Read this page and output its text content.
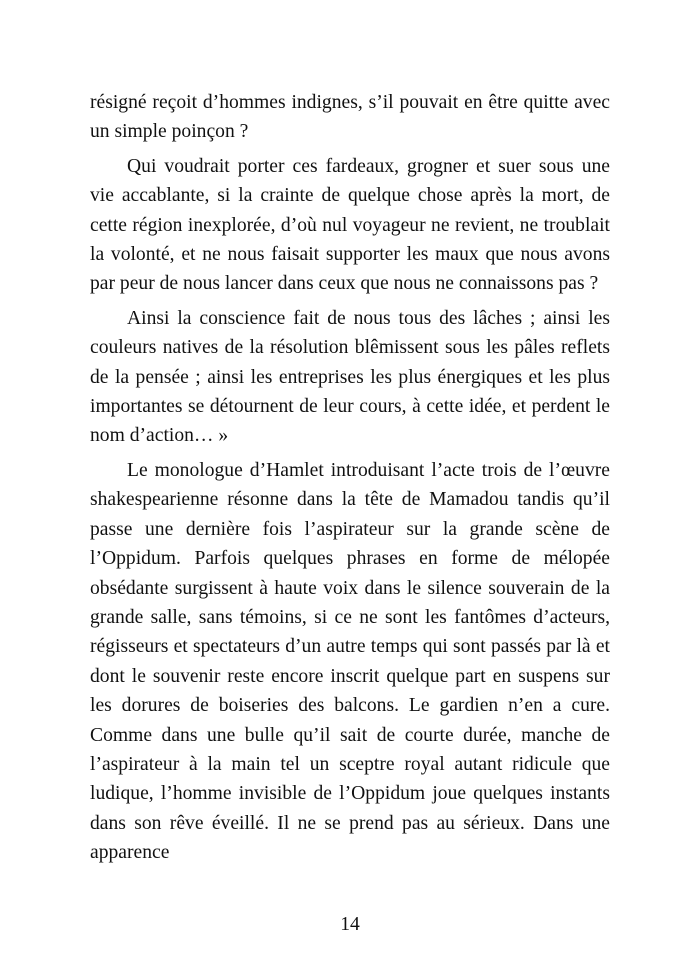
résigné reçoit d’hommes indignes, s’il pouvait en être quitte avec un simple poinçon ?

Qui voudrait porter ces fardeaux, grogner et suer sous une vie accablante, si la crainte de quelque chose après la mort, de cette région inexplorée, d’où nul voyageur ne revient, ne troublait la volonté, et ne nous faisait supporter les maux que nous avons par peur de nous lancer dans ceux que nous ne connaissons pas ?

Ainsi la conscience fait de nous tous des lâches ; ainsi les couleurs natives de la résolution blêmissent sous les pâles reflets de la pensée ; ainsi les entreprises les plus énergiques et les plus importantes se détournent de leur cours, à cette idée, et perdent le nom d’action… »

Le monologue d’Hamlet introduisant l’acte trois de l’œuvre shakespearienne résonne dans la tête de Mamadou tandis qu’il passe une dernière fois l’aspirateur sur la grande scène de l’Oppidum. Parfois quelques phrases en forme de mélopée obsédante surgissent à haute voix dans le silence souverain de la grande salle, sans témoins, si ce ne sont les fantômes d’acteurs, régisseurs et spectateurs d’un autre temps qui sont passés par là et dont le souvenir reste encore inscrit quelque part en suspens sur les dorures de boiseries des balcons. Le gardien n’en a cure. Comme dans une bulle qu’il sait de courte durée, manche de l’aspirateur à la main tel un sceptre royal autant ridicule que ludique, l’homme invisible de l’Oppidum joue quelques instants dans son rêve éveillé. Il ne se prend pas au sérieux. Dans une apparence

14
